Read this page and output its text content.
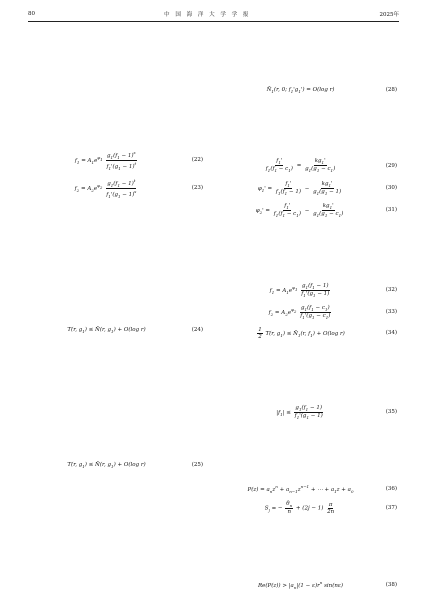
80	中 国 海 洋 大 学 学 报	2025年
$f_1 = A_1e^{\varphi 1} \frac{g_1(f_1 - 1)^s}{f_1'(g_1 - 1)^t}$	(22)
$f_2 = A_2e^{\varphi 2} \frac{g_1(f_1 - 1)^t}{f_1'(g_1 - 1)^s}$	(23)
T(r, $g_1$) ≤ N̄(r, $g_1) + O(\log$ r)	(24)
T(r, $g_1$) ≤ N̄(r, $g_1) + O(\log$ r)	(25)
$N̄_1(r$, 0; $f_1'g_1') = O(\log$ r)	(28)
$\frac{f_1'}{f_1(f_1 - c_1)} = \frac{kg_1'}{g_1(g_1 - c_1)}$	(29)
$\varphi_1' = \frac{f_1'}{f_1(f_1 - 1)} - \frac{kg_1'}{g_1(g_1 - 1)}$	(30)
$\varphi_2' = \frac{f_1'}{f_1(f_1 - c_1)} - \frac{kg_1'}{g_1(g_1 - c_1)}$	(31)
$f_1 = A_1e^{\varphi 1} \frac{g_1(f_1 - 1)}{f_1'(g_1 - 1)}$	(32)
$f_2 = A_2e^{\varphi 2} \frac{g_1(f_1 - c_1)}{f_1'(g_1 - c_1)}$	(33)
$\frac{1}{2} T(r$, $g_1$) ≤ $N̄_1(r$, $f_1) + O(\log$ r)	(34)
$|f_1| \le \frac{g_1(f_1 - 1)}{f_1'(g_1 - 1)}$	(35)
$P(z) = a_nz^n + a_{n-1}z^{n-1}$ + ⋯ + $a_1z + a_0$	(36)
$S_j$ = − $\frac{\theta_n}{n} + (2j - 1) \frac{\pi}{2n}$	(37)
$Re(P(z)) > |a_n|(1 - \varepsilon)r^n$ sin(nε)	(38)
